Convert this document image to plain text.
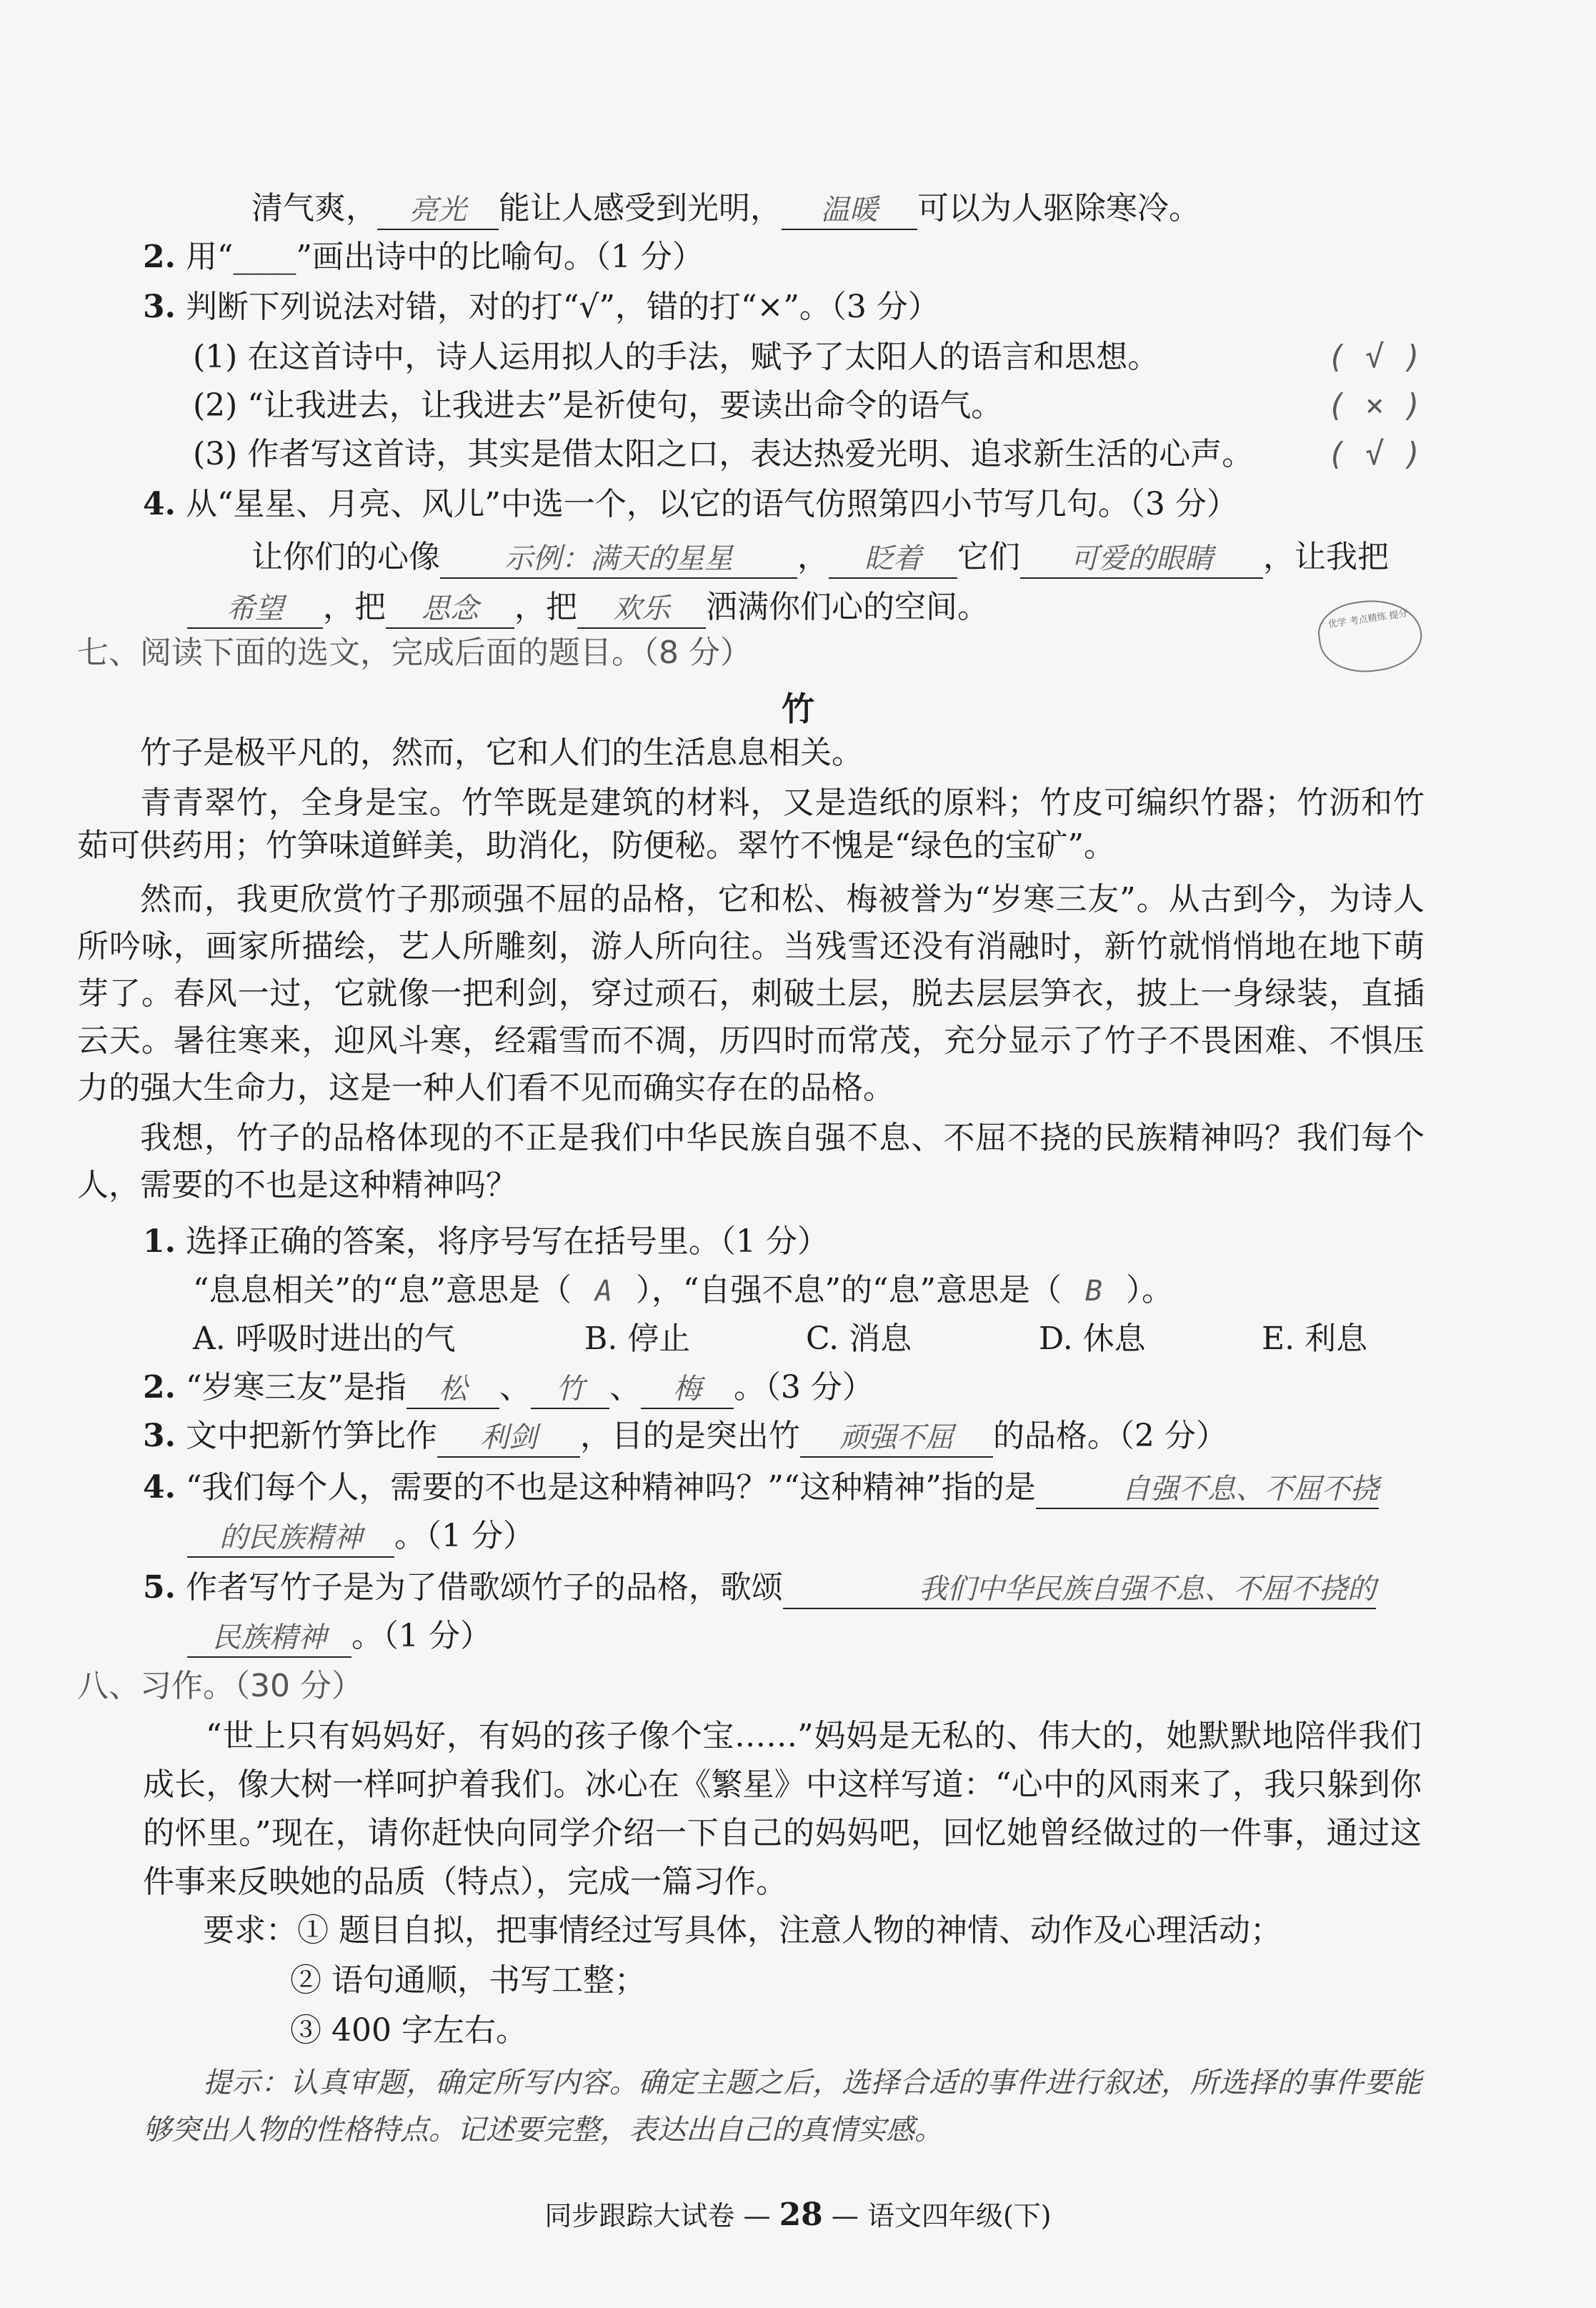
清气爽， 亮光 能让人感受到光明， 温暖 可以为人驱除寒冷。
2. 用“____”画出诗中的比喻句。（1 分）
3. 判断下列说法对错，对的打“√”，错的打“×”。（3 分）
(1) 在这首诗中，诗人运用拟人的手法，赋予了太阳人的语言和思想。	( √ )
(2) “让我进去，让我进去”是祈使句，要读出命令的语气。	( × )
(3) 作者写这首诗，其实是借太阳之口，表达热爱光明、追求新生活的心声。 ( √ )
4. 从“星星、月亮、风儿”中选一个，以它的语气仿照第四小节写几句。（3 分）
让你们的心像 示例：满天的星星 ， 眨着 它们 可爱的眼睛 ，让我把
希望 ，把 思念 ，把 欢乐 洒满你们心的空间。	优学 考点精练 提分
七、阅读下面的选文，完成后面的题目。（8 分）
竹
竹子是极平凡的，然而，它和人们的生活息息相关。
青青翠竹，全身是宝。竹竿既是建筑的材料，又是造纸的原料；竹皮可编织竹器；竹沥和竹茹可供药用；竹笋味道鲜美，助消化，防便秘。翠竹不愧是“绿色的宝矿”。
然而，我更欣赏竹子那顽强不屈的品格，它和松、梅被誉为“岁寒三友”。从古到今，为诗人所吟咏，画家所描绘，艺人所雕刻，游人所向往。当残雪还没有消融时，新竹就悄悄地在地下萌芽了。春风一过，它就像一把利剑，穿过顽石，刺破土层，脱去层层笋衣，披上一身绿装，直插云天。暑往寒来，迎风斗寒，经霜雪而不凋，历四时而常茂，充分显示了竹子不畏困难、不惧压力的强大生命力，这是一种人们看不见而确实存在的品格。
我想，竹子的品格体现的不正是我们中华民族自强不息、不屈不挠的民族精神吗？我们每个人，需要的不也是这种精神吗？
1. 选择正确的答案，将序号写在括号里。（1 分）
“息息相关”的“息”意思是（ A ），“自强不息”的“息”意思是（ B ）。
A. 呼吸时进出的气	B. 停止	C. 消息	D. 休息	E. 利息
2. “岁寒三友”是指 松 、 竹 、 梅 。（3 分）
3. 文中把新竹笋比作 利剑 ，目的是突出竹 顽强不屈 的品格。（2 分）
4. “我们每个人，需要的不也是这种精神吗？”“这种精神”指的是	自强不息、不屈不挠
的民族精神 。（1 分）
5. 作者写竹子是为了借歌颂竹子的品格，歌颂	我们中华民族自强不息、不屈不挠的
民族精神 。（1 分）
八、习作。（30 分）
“世上只有妈妈好，有妈的孩子像个宝……”妈妈是无私的、伟大的，她默默地陪伴我们成长，像大树一样呵护着我们。冰心在《繁星》中这样写道：“心中的风雨来了，我只躲到你的怀里。”现在，请你赶快向同学介绍一下自己的妈妈吧，回忆她曾经做过的一件事，通过这件事来反映她的品质（特点），完成一篇习作。
要求：① 题目自拟，把事情经过写具体，注意人物的神情、动作及心理活动；
② 语句通顺，书写工整；
③ 400 字左右。
提示：认真审题，确定所写内容。确定主题之后，选择合适的事件进行叙述，所选择的事件要能够突出人物的性格特点。记述要完整，表达出自己的真情实感。
同步跟踪大试卷 — 28 — 语文四年级(下)
